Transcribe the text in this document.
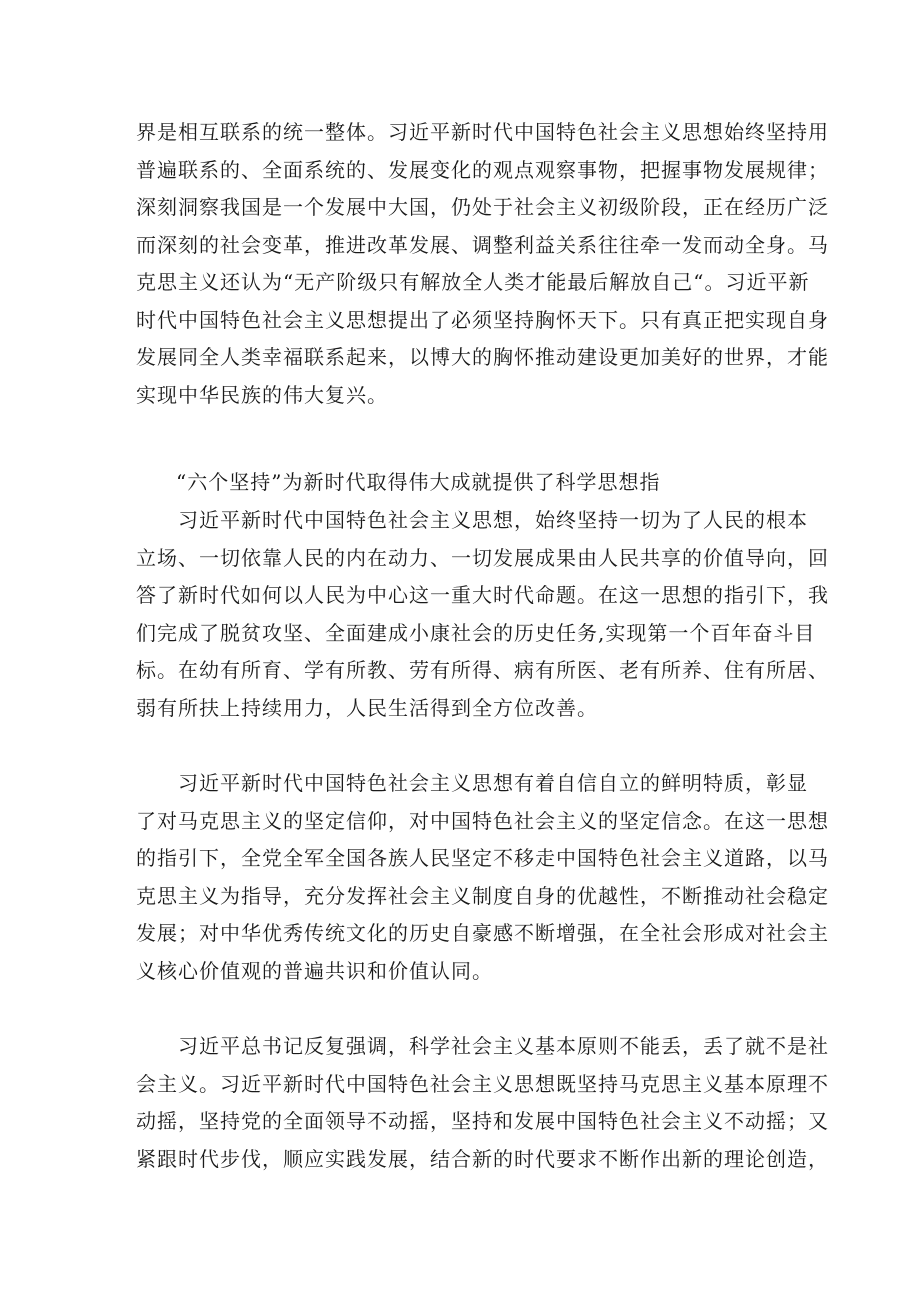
界是相互联系的统一整体。习近平新时代中国特色社会主义思想始终坚持用
普遍联系的、全面系统的、发展变化的观点观察事物，把握事物发展规律；
深刻洞察我国是一个发展中大国，仍处于社会主义初级阶段，正在经历广泛
而深刻的社会变革，推进改革发展、调整利益关系往往牵一发而动全身。马
克思主义还认为“无产阶级只有解放全人类才能最后解放自己“。习近平新
时代中国特色社会主义思想提出了必须坚持胸怀天下。只有真正把实现自身
发展同全人类幸福联系起来，以博大的胸怀推动建设更加美好的世界，才能
实现中华民族的伟大复兴。
“六个坚持”为新时代取得伟大成就提供了科学思想指
习近平新时代中国特色社会主义思想，始终坚持一切为了人民的根本
立场、一切依靠人民的内在动力、一切发展成果由人民共享的价值导向，回
答了新时代如何以人民为中心这一重大时代命题。在这一思想的指引下，我
们完成了脱贫攻坚、全面建成小康社会的历史任务,实现第一个百年奋斗目
标。在幼有所育、学有所教、劳有所得、病有所医、老有所养、住有所居、
弱有所扶上持续用力，人民生活得到全方位改善。
习近平新时代中国特色社会主义思想有着自信自立的鲜明特质，彰显
了对马克思主义的坚定信仰，对中国特色社会主义的坚定信念。在这一思想
的指引下，全党全军全国各族人民坚定不移走中国特色社会主义道路，以马
克思主义为指导，充分发挥社会主义制度自身的优越性，不断推动社会稳定
发展；对中华优秀传统文化的历史自豪感不断增强，在全社会形成对社会主
义核心价值观的普遍共识和价值认同。
习近平总书记反复强调，科学社会主义基本原则不能丢，丢了就不是社
会主义。习近平新时代中国特色社会主义思想既坚持马克思主义基本原理不
动摇，坚持党的全面领导不动摇，坚持和发展中国特色社会主义不动摇；又
紧跟时代步伐，顺应实践发展，结合新的时代要求不断作出新的理论创造，
